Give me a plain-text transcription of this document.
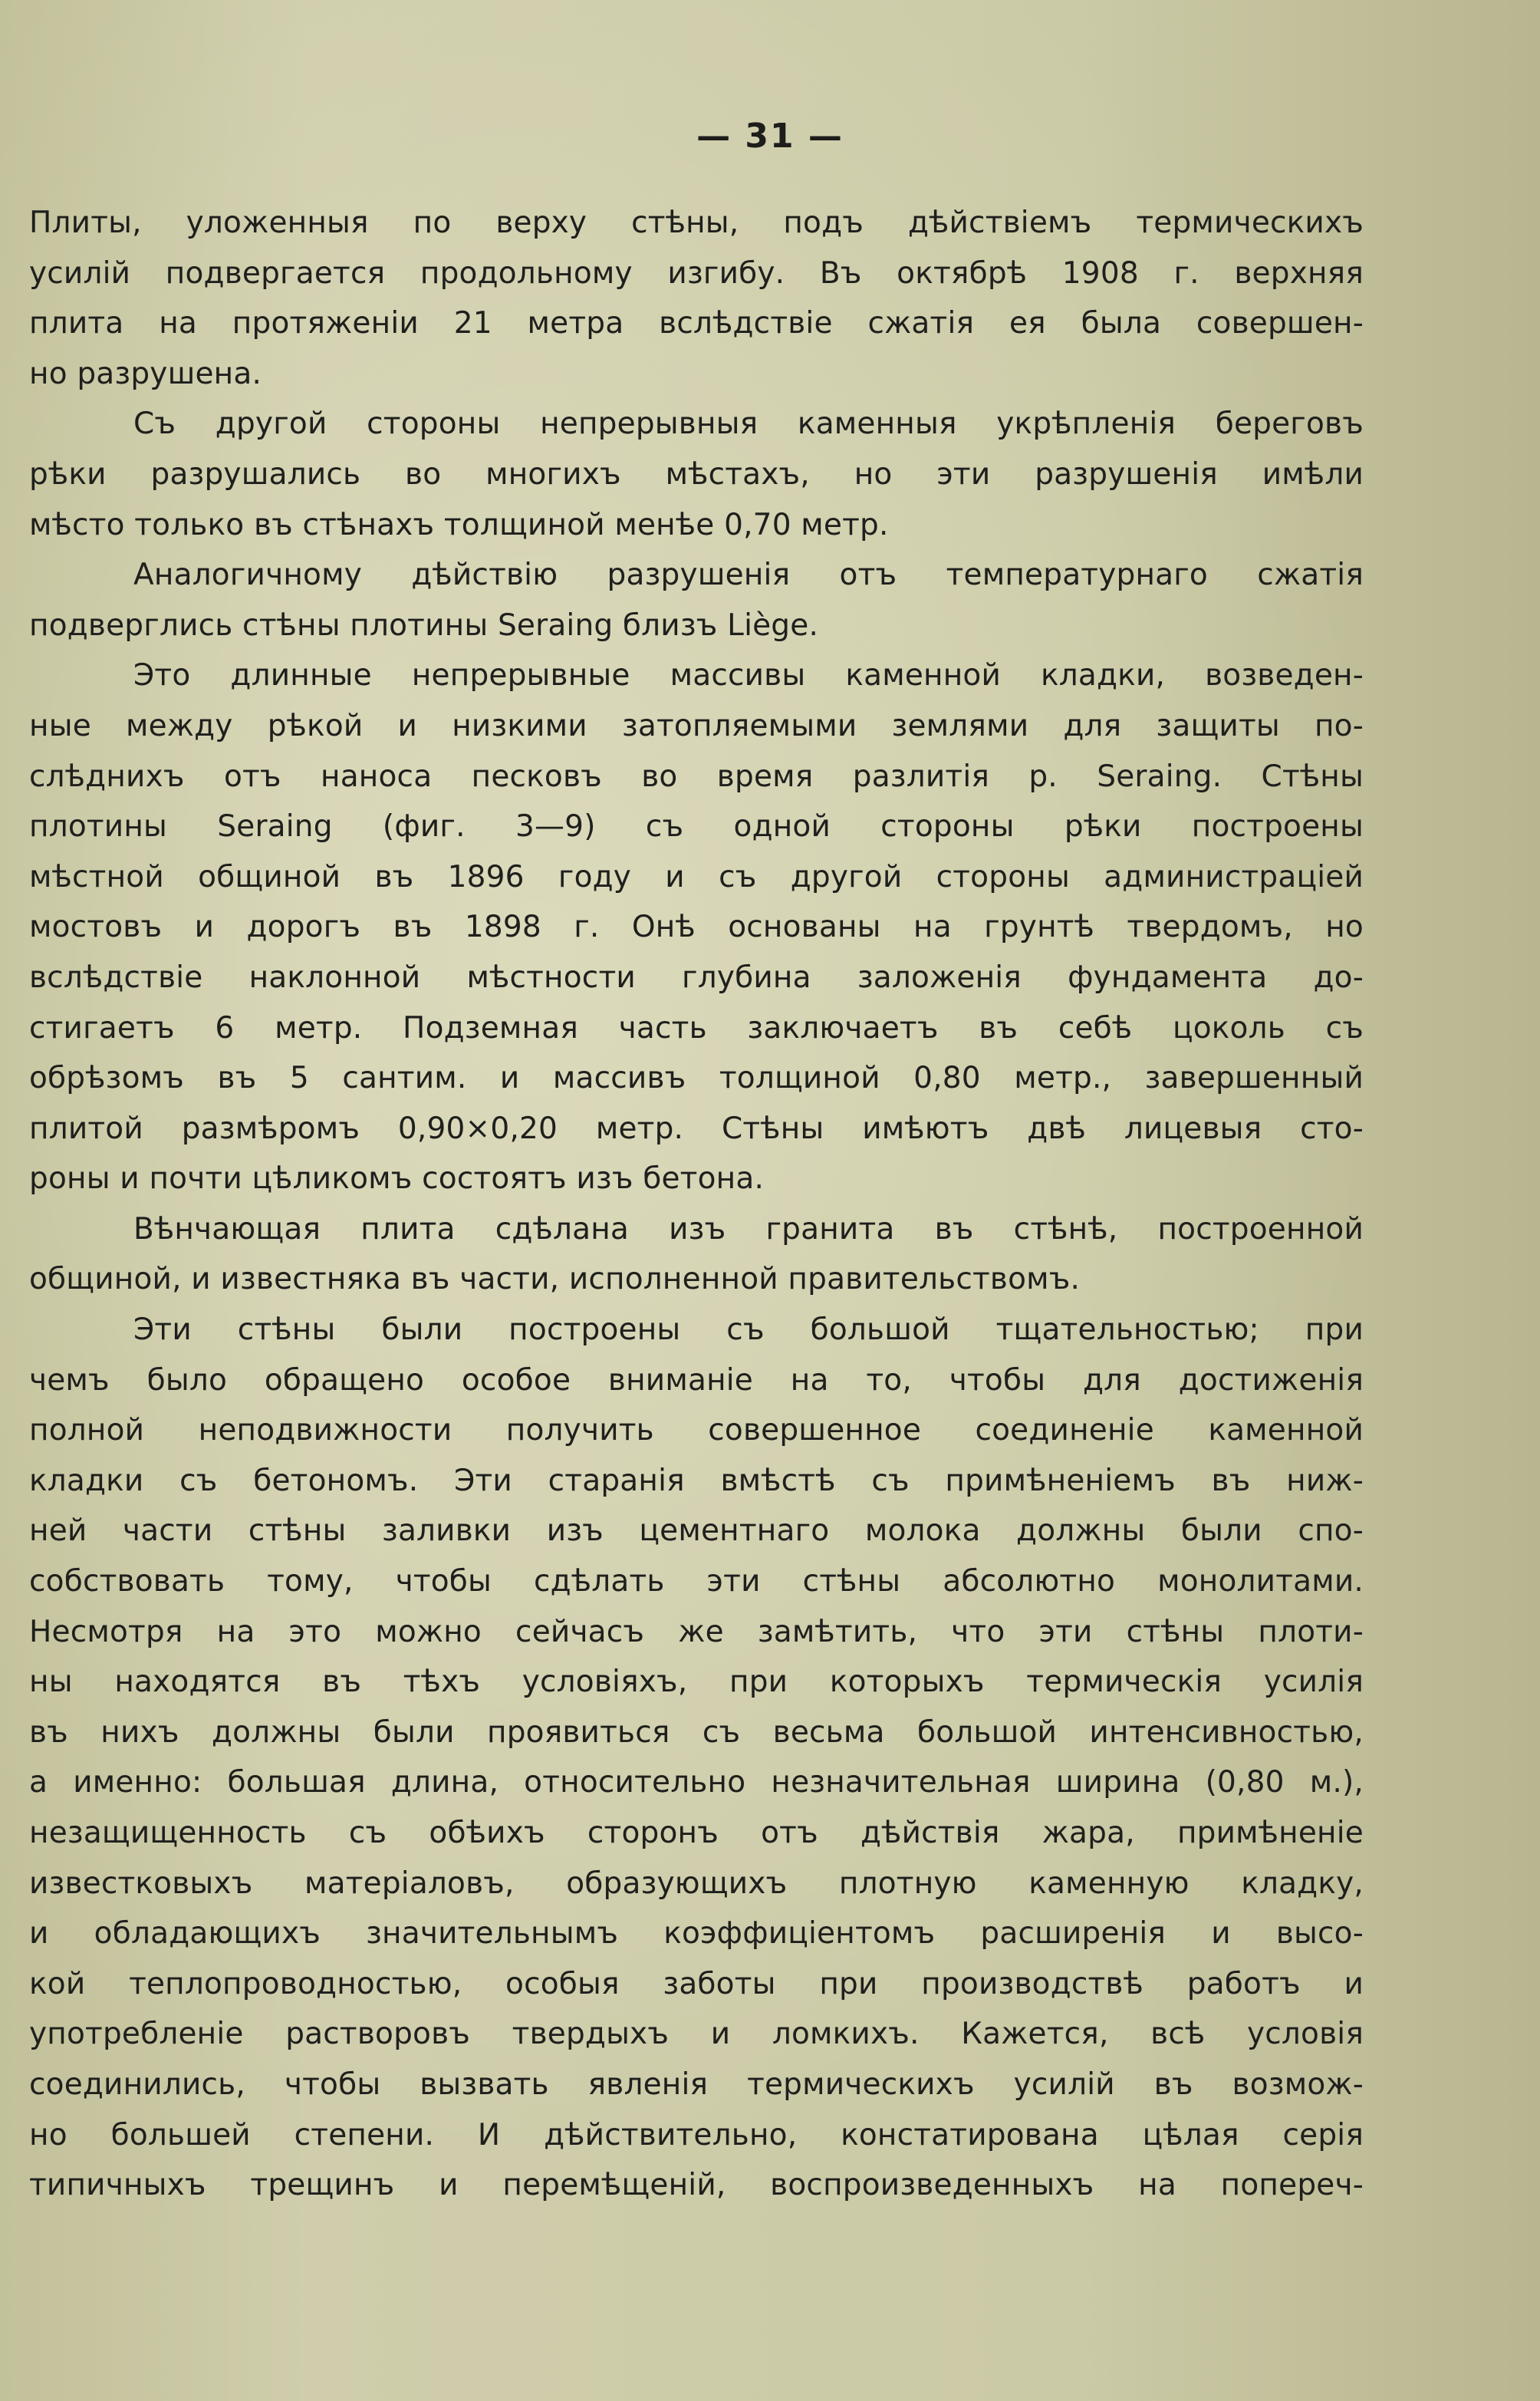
— 31 —
Плиты, уложенныя по верху стѣны, подъ дѣйствіемъ термическихъ
усилій подвергается продольному изгибу. Въ октябрѣ 1908 г. верхняя
плита на протяженіи 21 метра вслѣдствіе сжатія ея была совершен-
но разрушена.
Съ другой стороны непрерывныя каменныя укрѣпленія береговъ
рѣки разрушались во многихъ мѣстахъ, но эти разрушенія имѣли
мѣсто только въ стѣнахъ толщиной менѣе 0,70 метр.
Аналогичному дѣйствію разрушенія отъ температурнаго сжатія
подверглись стѣны плотины Seraing близъ Liège.
Это длинные непрерывные массивы каменной кладки, возведен-
ные между рѣкой и низкими затопляемыми землями для защиты по-
слѣднихъ отъ наноса песковъ во время разлитія р. Seraing. Стѣны
плотины Seraing (фиг. 3—9) съ одной стороны рѣки построены
мѣстной общиной въ 1896 году и съ другой стороны администраціей
мостовъ и дорогъ въ 1898 г. Онѣ основаны на грунтѣ твердомъ, но
вслѣдствіе наклонной мѣстности глубина заложенія фундамента до-
стигаетъ 6 метр. Подземная часть заключаетъ въ себѣ цоколь съ
обрѣзомъ въ 5 сантим. и массивъ толщиной 0,80 метр., завершенный
плитой размѣромъ 0,90×0,20 метр. Стѣны имѣютъ двѣ лицевыя сто-
роны и почти цѣликомъ состоятъ изъ бетона.
Вѣнчающая плита сдѣлана изъ гранита въ стѣнѣ, построенной
общиной, и известняка въ части, исполненной правительствомъ.
Эти стѣны были построены съ большой тщательностью; при
чемъ было обращено особое вниманіе на то, чтобы для достиженія
полной неподвижности получить совершенное соединеніе каменной
кладки съ бетономъ. Эти старанія вмѣстѣ съ примѣненіемъ въ ниж-
ней части стѣны заливки изъ цементнаго молока должны были спо-
собствовать тому, чтобы сдѣлать эти стѣны абсолютно монолитами.
Несмотря на это можно сейчасъ же замѣтить, что эти стѣны плоти-
ны находятся въ тѣхъ условіяхъ, при которыхъ термическія усилія
въ нихъ должны были проявиться съ весьма большой интенсивностью,
а именно: большая длина, относительно незначительная ширина (0,80 м.),
незащищенность съ обѣихъ сторонъ отъ дѣйствія жара, примѣненіе
известковыхъ матеріаловъ, образующихъ плотную каменную кладку,
и обладающихъ значительнымъ коэффиціентомъ расширенія и высо-
кой теплопроводностью, особыя заботы при производствѣ работъ и
употребленіе растворовъ твердыхъ и ломкихъ. Кажется, всѣ условія
соединились, чтобы вызвать явленія термическихъ усилій въ возмож-
но большей степени. И дѣйствительно, констатирована цѣлая серія
типичныхъ трещинъ и перемѣщеній, воспроизведенныхъ на попереч-
